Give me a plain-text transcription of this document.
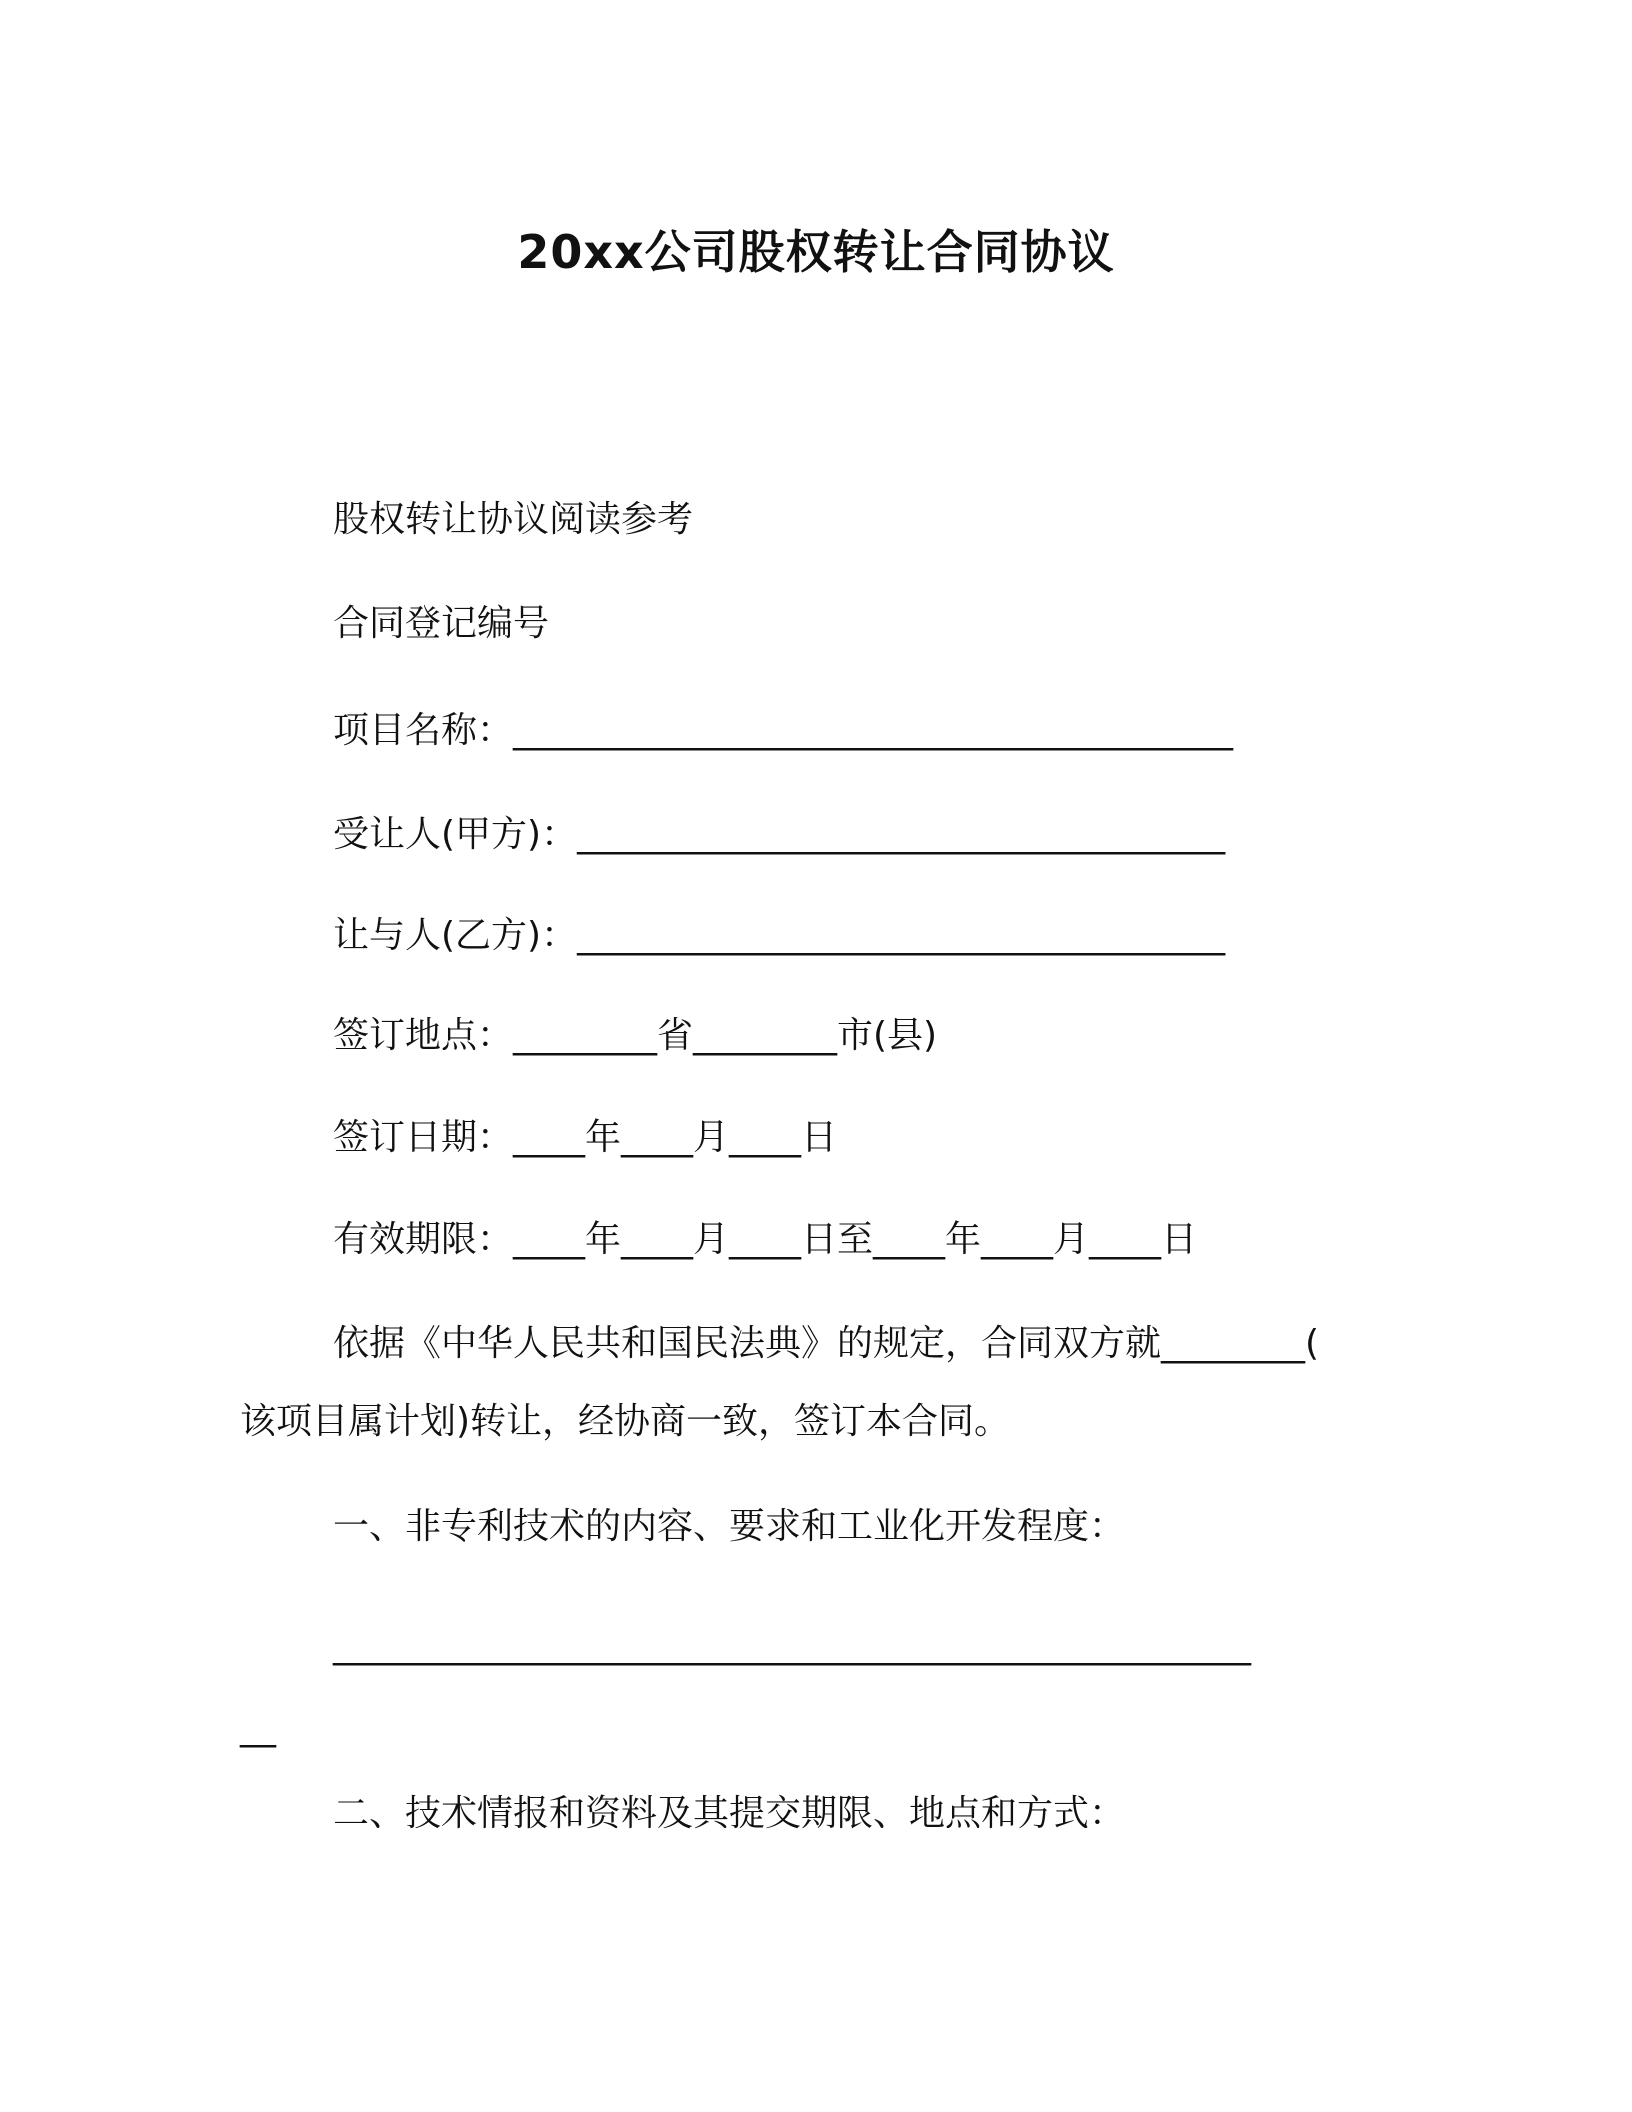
20xx公司股权转让合同协议
股权转让协议阅读参考
合同登记编号
项目名称：________________________________________
受让人(甲方)：____________________________________
让与人(乙方)：____________________________________
签订地点：________省________市(县)
签订日期：____年____月____日
有效期限：____年____月____日至____年____月____日
依据《中华人民共和国民法典》的规定，合同双方就________(
该项目属计划)转让，经协商一致，签订本合同。
一、非专利技术的内容、要求和工业化开发程度：
___________________________________________________
__
二、技术情报和资料及其提交期限、地点和方式：
